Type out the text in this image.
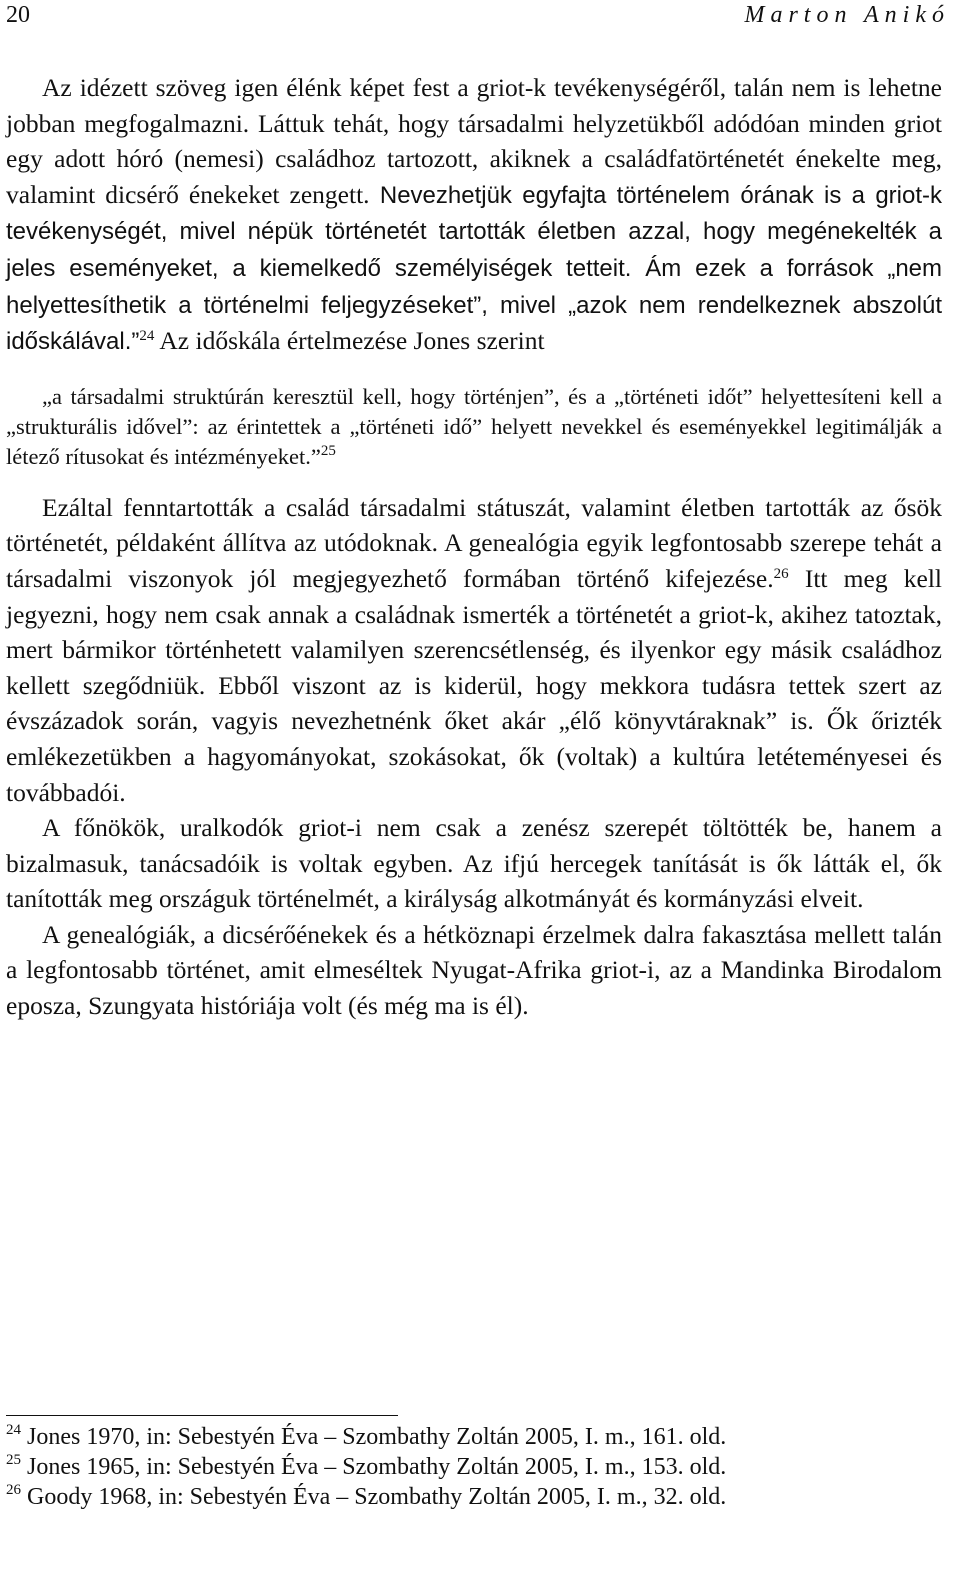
20	Marton Anikó

Az idézett szöveg igen élénk képet fest a griot-k tevékenységéről, talán nem is lehetne jobban megfogalmazni. Láttuk tehát, hogy társadalmi helyzetükből adódóan minden griot egy adott hóró (nemesi) családhoz tartozott, akiknek a családfatörténetét énekelte meg, valamint dicsérő énekeket zengett. Nevezhetjük egyfajta történelem órának is a griot-k tevékenységét, mivel népük történetét tartották életben azzal, hogy megénekelték a jeles eseményeket, a kiemelkedő személyiségek tetteit. Ám ezek a források „nem helyettesíthetik a történelmi feljegyzéseket”, mivel „azok nem rendelkeznek abszolút időskálával.”$^{24}$ Az időskála értelmezése Jones szerint

„a társadalmi struktúrán keresztül kell, hogy történjen”, és a „történeti időt” helyettesíteni kell a „strukturális idővel”: az érintettek a „történeti idő” helyett nevekkel és eseményekkel legitimálják a létező rítusokat és intézményeket.”$^{25}$

Ezáltal fenntartották a család társadalmi státuszát, valamint életben tartották az ősök történetét, példaként állítva az utódoknak. A genealógia egyik legfontosabb szerepe tehát a társadalmi viszonyok jól megjegyezhető formában történő kifejezése.$^{26}$ Itt meg kell jegyezni, hogy nem csak annak a családnak ismerték a történetét a griot-k, akihez tatoztak, mert bármikor történhetett valamilyen szerencsétlenség, és ilyenkor egy másik családhoz kellett szegődniük. Ebből viszont az is kiderül, hogy mekkora tudásra tettek szert az évszázadok során, vagyis nevezhetnénk őket akár „élő könyvtáraknak” is. Ők őrizték emlékezetükben a hagyományokat, szokásokat, ők (voltak) a kultúra letéteményesei és továbbadói.

A főnökök, uralkodók griot-i nem csak a zenész szerepét töltötték be, hanem a bizalmasuk, tanácsadóik is voltak egyben. Az ifjú hercegek tanítását is ők látták el, ők tanították meg országuk történelmét, a királyság alkotmányát és kormányzási elveit.

A genealógiák, a dicsérőénekek és a hétköznapi érzelmek dalra fakasztása mellett talán a legfontosabb történet, amit elmeséltek Nyugat-Afrika griot-i, az a Mandinka Birodalom eposza, Szungyata históriája volt (és még ma is él).

$^{24}$ Jones 1970, in: Sebestyén Éva – Szombathy Zoltán 2005, I. m., 161. old.
$^{25}$ Jones 1965, in: Sebestyén Éva – Szombathy Zoltán 2005, I. m., 153. old.
$^{26}$ Goody 1968, in: Sebestyén Éva – Szombathy Zoltán 2005, I. m., 32. old.
